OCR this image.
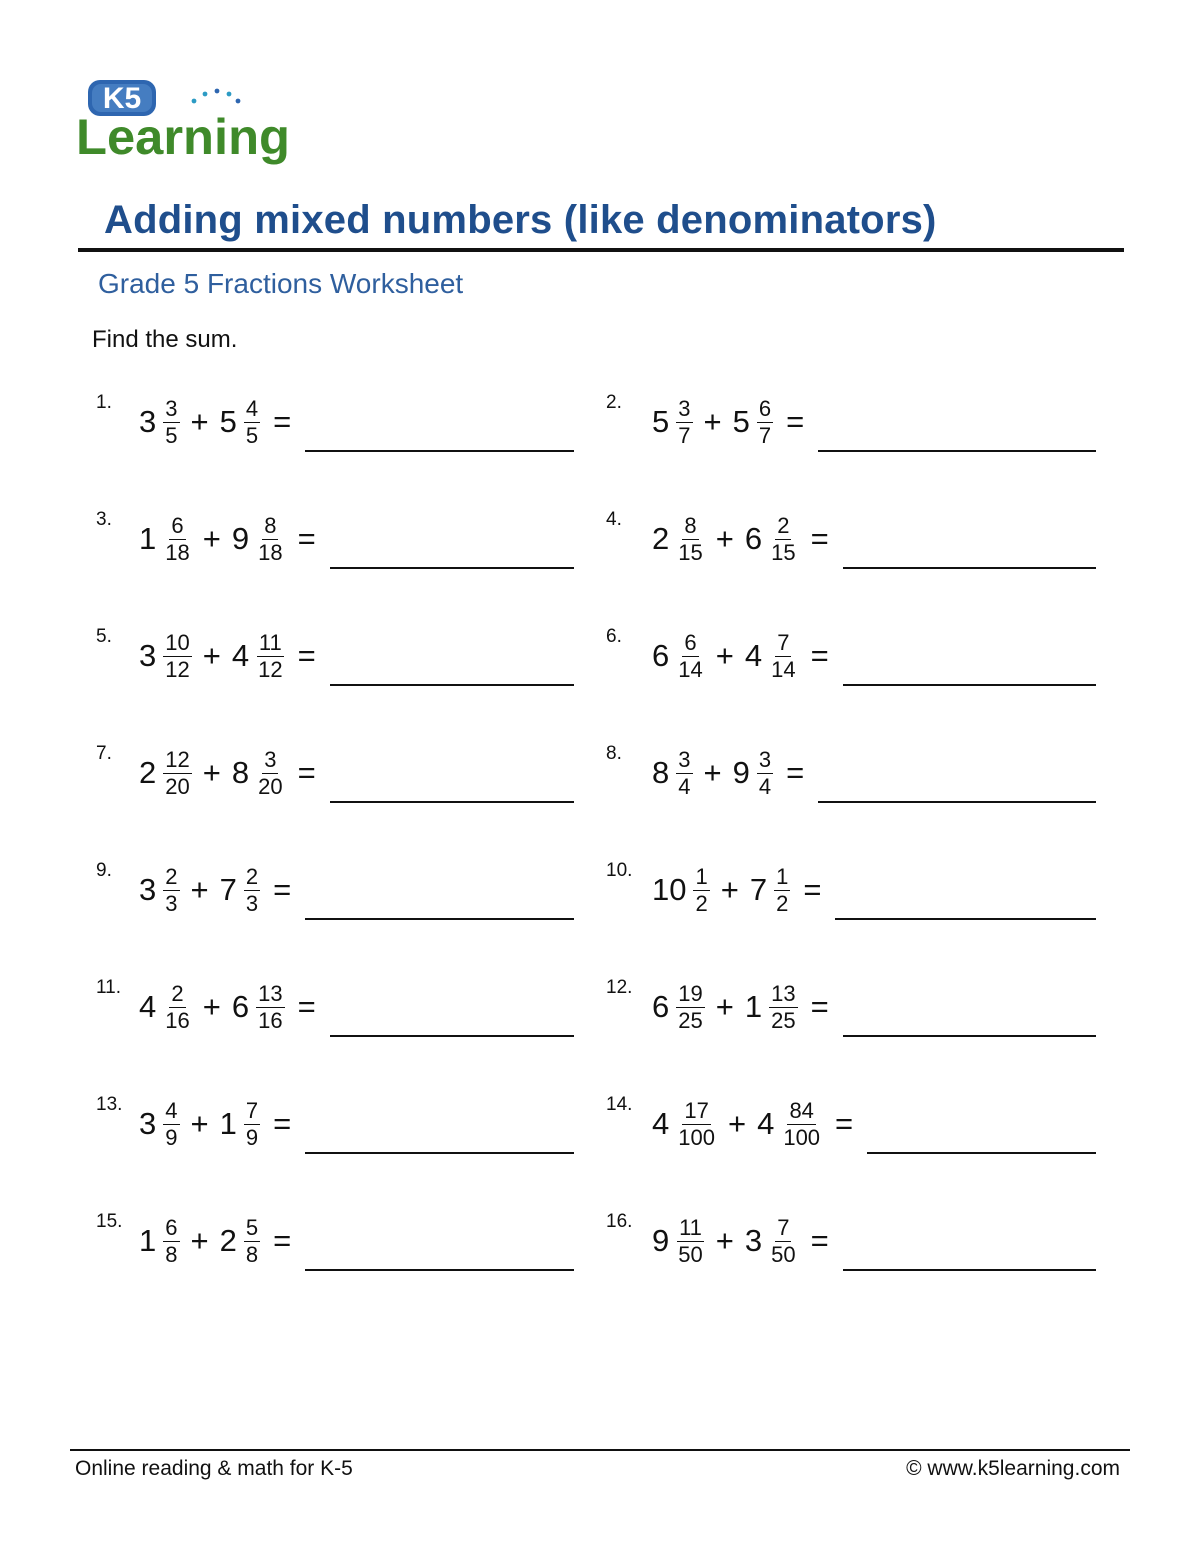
K5
Learning
Adding mixed numbers (like denominators)
Grade 5 Fractions Worksheet
Find the sum.
1.
$3 \frac{3}{5} + 5 \frac{4}{5}$ =
2.
$5 \frac{3}{7} + 5 \frac{6}{7}$ =
3.
$1 \frac{6}{18} + 9 \frac{8}{18}$ =
4.
$2 \frac{8}{15} + 6 \frac{2}{15}$ =
5.
$3 \frac{10}{12} + 4 \frac{11}{12}$ =
6.
$6 \frac{6}{14} + 4 \frac{7}{14}$ =
7.
$2 \frac{12}{20} + 8 \frac{3}{20}$ =
8.
$8 \frac{3}{4} + 9 \frac{3}{4}$ =
9.
$3 \frac{2}{3} + 7 \frac{2}{3}$ =
10.
$10 \frac{1}{2} + 7 \frac{1}{2}$ =
11.
$4 \frac{2}{16} + 6 \frac{13}{16}$ =
12.
$6 \frac{19}{25} + 1 \frac{13}{25}$ =
13.
$3 \frac{4}{9} + 1 \frac{7}{9}$ =
14.
$4 \frac{17}{100} + 4 \frac{84}{100}$ =
15.
$1 \frac{6}{8} + 2 \frac{5}{8}$ =
16.
$9 \frac{11}{50} + 3 \frac{7}{50}$ =
Online reading & math for K-5	© www.k5learning.com
